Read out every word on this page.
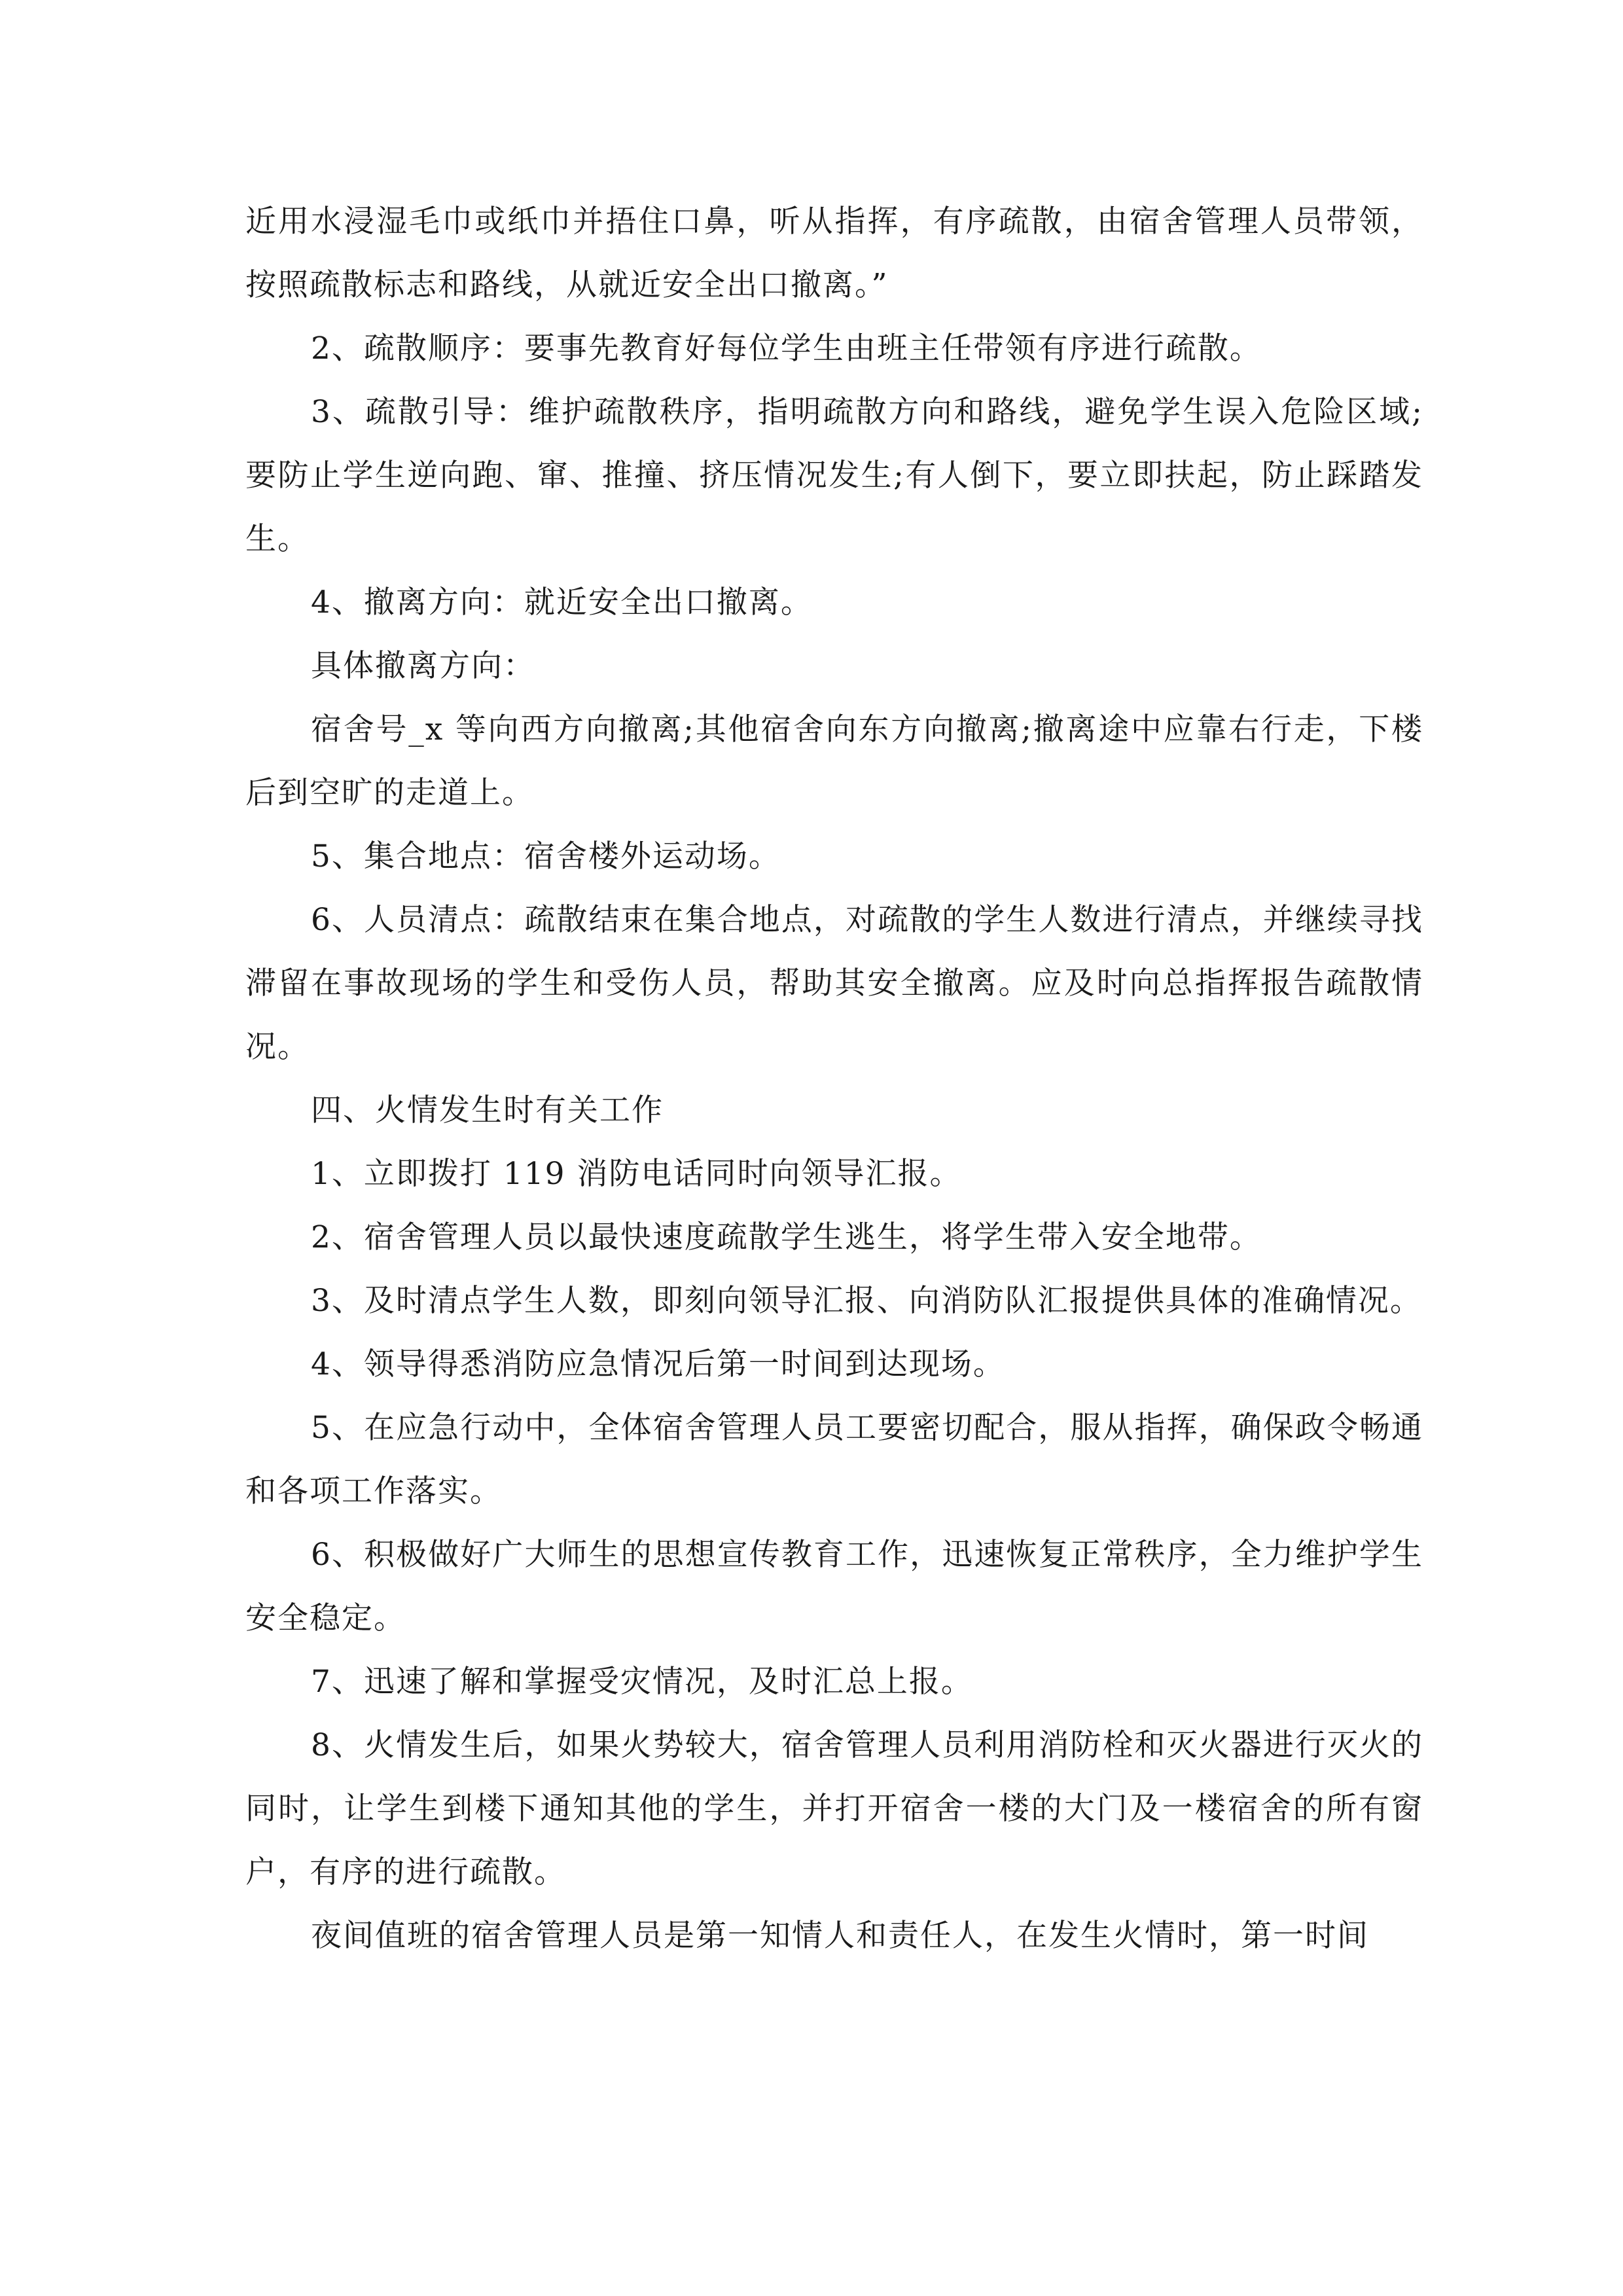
近用水浸湿毛巾或纸巾并捂住口鼻，听从指挥，有序疏散，由宿舍管理人员带领，按照疏散标志和路线，从就近安全出口撤离。”

2、疏散顺序：要事先教育好每位学生由班主任带领有序进行疏散。

3、疏散引导：维护疏散秩序，指明疏散方向和路线，避免学生误入危险区域;要防止学生逆向跑、窜、推撞、挤压情况发生;有人倒下，要立即扶起，防止踩踏发生。

4、撤离方向：就近安全出口撤离。

具体撤离方向：

宿舍号_x 等向西方向撤离;其他宿舍向东方向撤离;撤离途中应靠右行走，下楼后到空旷的走道上。

5、集合地点：宿舍楼外运动场。

6、人员清点：疏散结束在集合地点，对疏散的学生人数进行清点，并继续寻找滞留在事故现场的学生和受伤人员，帮助其安全撤离。应及时向总指挥报告疏散情况。

四、火情发生时有关工作

1、立即拨打 119 消防电话同时向领导汇报。

2、宿舍管理人员以最快速度疏散学生逃生，将学生带入安全地带。

3、及时清点学生人数，即刻向领导汇报、向消防队汇报提供具体的准确情况。

4、领导得悉消防应急情况后第一时间到达现场。

5、在应急行动中，全体宿舍管理人员工要密切配合，服从指挥，确保政令畅通和各项工作落实。

6、积极做好广大师生的思想宣传教育工作，迅速恢复正常秩序，全力维护学生安全稳定。

7、迅速了解和掌握受灾情况，及时汇总上报。

8、火情发生后，如果火势较大，宿舍管理人员利用消防栓和灭火器进行灭火的同时，让学生到楼下通知其他的学生，并打开宿舍一楼的大门及一楼宿舍的所有窗户，有序的进行疏散。

夜间值班的宿舍管理人员是第一知情人和责任人，在发生火情时，第一时间
